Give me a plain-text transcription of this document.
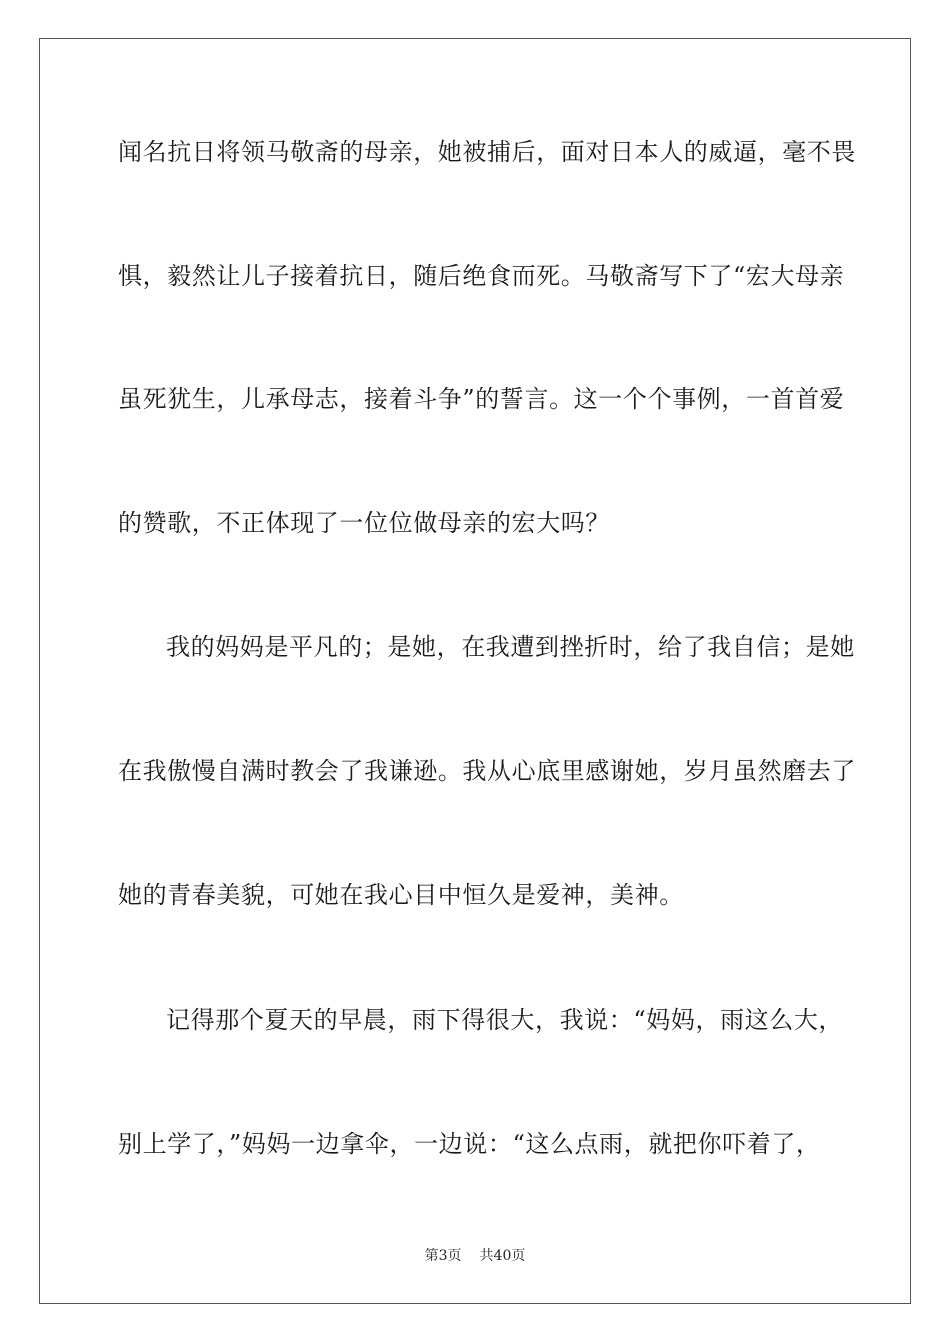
闻名抗日将领马敬斋的母亲，她被捕后，面对日本人的威逼，毫不畏
惧，毅然让儿子接着抗日，随后绝食而死。马敬斋写下了“宏大母亲
虽死犹生，儿承母志，接着斗争”的誓言。这一个个事例，一首首爱
的赞歌，不正体现了一位位做母亲的宏大吗？
我的妈妈是平凡的；是她，在我遭到挫折时，给了我自信；是她
在我傲慢自满时教会了我谦逊。我从心底里感谢她，岁月虽然磨去了
她的青春美貌，可她在我心目中恒久是爱神，美神。
记得那个夏天的早晨，雨下得很大，我说：“妈妈，雨这么大，
别上学了，”妈妈一边拿伞，一边说：“这么点雨，就把你吓着了，
第3页 共40页
